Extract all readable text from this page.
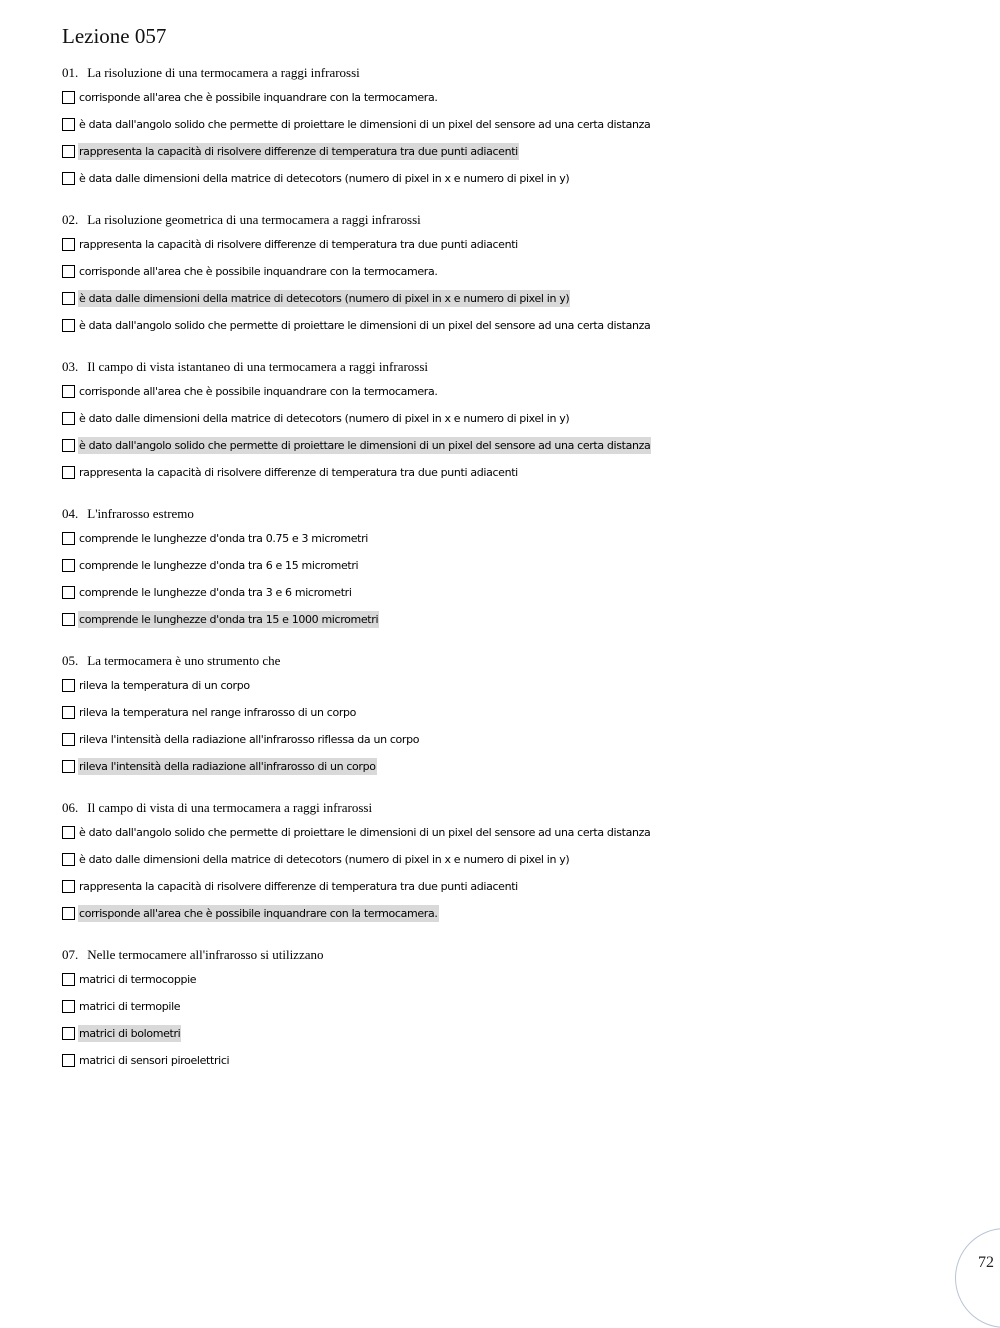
Lezione 057
01. La risoluzione di una termocamera a raggi infrarossi
corrisponde all'area che è possibile inquandrare con la termocamera.
è data dall'angolo solido che permette di proiettare le dimensioni di un pixel del sensore ad una certa distanza
rappresenta la capacità di risolvere differenze di temperatura tra due punti adiacenti
è data dalle dimensioni della matrice di detecotors (numero di pixel in x e numero di pixel in y)
02. La risoluzione geometrica di una termocamera a raggi infrarossi
rappresenta la capacità di risolvere differenze di temperatura tra due punti adiacenti
corrisponde all'area che è possibile inquandrare con la termocamera.
è data dalle dimensioni della matrice di detecotors (numero di pixel in x e numero di pixel in y)
è data dall'angolo solido che permette di proiettare le dimensioni di un pixel del sensore ad una certa distanza
03. Il campo di vista istantaneo di una termocamera a raggi infrarossi
corrisponde all'area che è possibile inquandrare con la termocamera.
è dato dalle dimensioni della matrice di detecotors (numero di pixel in x e numero di pixel in y)
è dato dall'angolo solido che permette di proiettare le dimensioni di un pixel del sensore ad una certa distanza
rappresenta la capacità di risolvere differenze di temperatura tra due punti adiacenti
04. L'infrarosso estremo
comprende le lunghezze d'onda tra 0.75 e 3 micrometri
comprende le lunghezze d'onda tra 6 e 15 micrometri
comprende le lunghezze d'onda tra 3 e 6 micrometri
comprende le lunghezze d'onda tra 15 e 1000 micrometri
05. La termocamera è uno strumento che
rileva la temperatura di un corpo
rileva la temperatura nel range infrarosso di un corpo
rileva l'intensità della radiazione all'infrarosso riflessa da un corpo
rileva l'intensità della radiazione all'infrarosso di un corpo
06. Il campo di vista di una termocamera a raggi infrarossi
è dato dall'angolo solido che permette di proiettare le dimensioni di un pixel del sensore ad una certa distanza
è dato dalle dimensioni della matrice di detecotors (numero di pixel in x e numero di pixel in y)
rappresenta la capacità di risolvere differenze di temperatura tra due punti adiacenti
corrisponde all'area che è possibile inquandrare con la termocamera.
07. Nelle termocamere all'infrarosso si utilizzano
matrici di termocoppie
matrici di termopile
matrici di bolometri
matrici di sensori piroelettrici
72
